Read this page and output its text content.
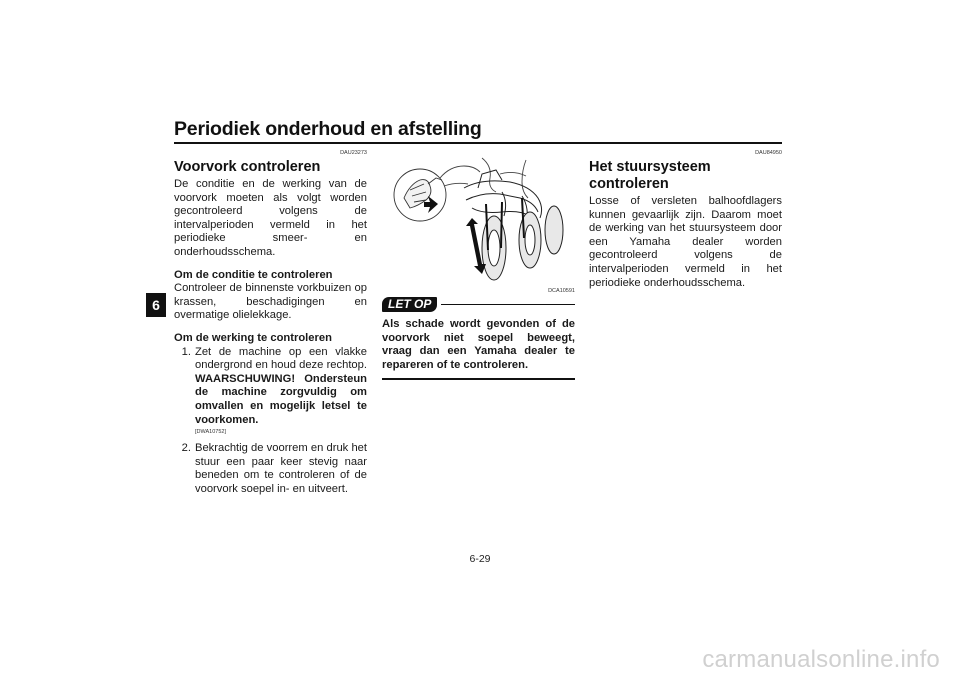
Periodiek onderhoud en afstelling
6
DAU23273
Voorvork controleren

De conditie en de werking van de voorvork moeten als volgt worden gecontroleerd volgens de intervalperioden vermeld in het periodieke smeer- en onderhoudsschema.

Om de conditie te controleren

Controleer de binnenste vorkbuizen op krassen, beschadigingen en overmatige olielekkage.

Om de werking te controleren
1. Zet de machine op een vlakke ondergrond en houd deze rechtop. WAARSCHUWING! Ondersteun de machine zorgvuldig om omvallen en mogelijk letsel te voorkomen.
[DWA10752]
2. Bekrachtig de voorrem en druk het stuur een paar keer stevig naar beneden om te controleren of de voorvork soepel in- en uitveert.
DCA10591
LET OP

Als schade wordt gevonden of de voorvork niet soepel beweegt, vraag dan een Yamaha dealer te repareren of te controleren.

DAU84950
Het stuursysteem controleren

Losse of versleten balhoofdlagers kunnen gevaarlijk zijn. Daarom moet de werking van het stuursysteem door een Yamaha dealer worden gecontroleerd volgens de intervalperioden vermeld in het periodieke onderhoudsschema.

6-29
carmanualsonline.info
